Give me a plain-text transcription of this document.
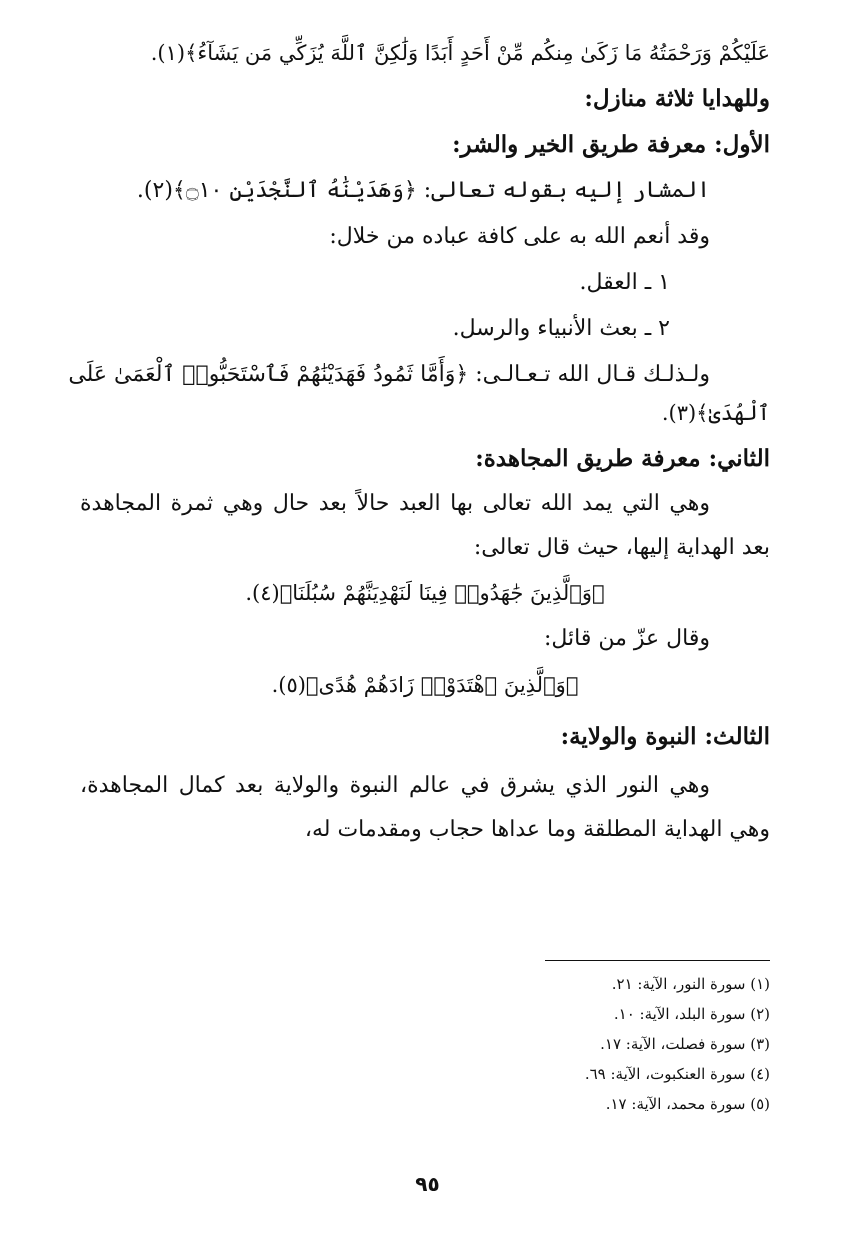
عَلَيْكُمْ وَرَحْمَتُهُ مَا زَكَىٰ مِنكُم مِّنْ أَحَدٍ أَبَدًا وَلَٰكِنَّ ٱللَّهَ يُزَكِّي مَن يَشَآءُ﴾(١).

وللهدايا ثلاثة منازل:

الأول: معرفة طريق الخير والشر:

المشار إليه بقوله تعالى: ﴿وَهَدَيْنَٰهُ ٱلنَّجْدَيْنِ ۝١٠﴾(٢).

وقد أنعم الله به على كافة عباده من خلال:

١ ـ العقل.

٢ ـ بعث الأنبياء والرسل.

ولـذلـك قـال الله تـعـالـى: ﴿وَأَمَّا ثَمُودُ فَهَدَيْنَٰهُمْ فَٱسْتَحَبُّوا۟ ٱلْعَمَىٰ عَلَى

ٱلْهُدَىٰ﴾(٣).

الثاني: معرفة طريق المجاهدة:

وهي التي يمد الله تعالى بها العبد حالاً بعد حال وهي ثمرة المجاهدة بعد الهداية إليها، حيث قال تعالى:

﴿وَٱلَّذِينَ جَٰهَدُوا۟ فِينَا لَنَهْدِيَنَّهُمْ سُبُلَنَا﴾(٤).

وقال عزّ من قائل:

﴿وَٱلَّذِينَ ٱهْتَدَوْا۟ زَادَهُمْ هُدًى﴾(٥).

الثالث: النبوة والولاية:

وهي النور الذي يشرق في عالم النبوة والولاية بعد كمال المجاهدة، وهي الهداية المطلقة وما عداها حجاب ومقدمات له،

(١) سورة النور، الآية: ٢١.
(٢) سورة البلد، الآية: ١٠.
(٣) سورة فصلت، الآية: ١٧.
(٤) سورة العنكبوت، الآية: ٦٩.
(٥) سورة محمد، الآية: ١٧.
٩٥
